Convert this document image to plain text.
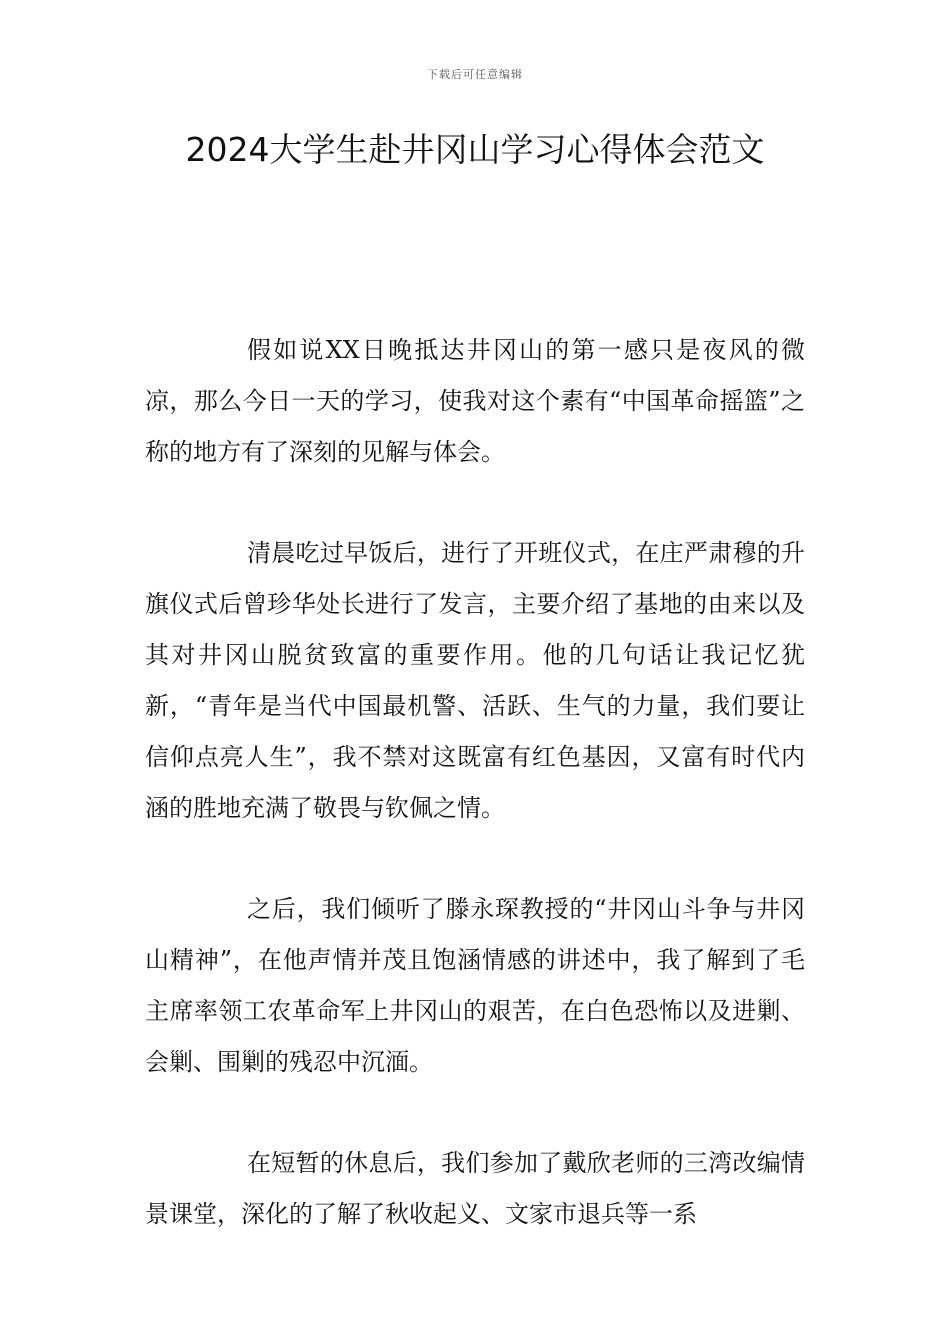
下载后可任意编辑
2024大学生赴井冈山学习心得体会范文

假如说XX日晚抵达井冈山的第一感只是夜风的微凉，那么今日一天的学习，使我对这个素有“中国革命摇篮”之称的地方有了深刻的见解与体会。

清晨吃过早饭后，进行了开班仪式，在庄严肃穆的升旗仪式后曾珍华处长进行了发言，主要介绍了基地的由来以及其对井冈山脱贫致富的重要作用。他的几句话让我记忆犹新，“青年是当代中国最机警、活跃、生气的力量，我们要让信仰点亮人生”，我不禁对这既富有红色基因，又富有时代内涵的胜地充满了敬畏与钦佩之情。

之后，我们倾听了滕永琛教授的“井冈山斗争与井冈山精神”，在他声情并茂且饱涵情感的讲述中，我了解到了毛主席率领工农革命军上井冈山的艰苦，在白色恐怖以及进剿、会剿、围剿的残忍中沉湎。

在短暂的休息后，我们参加了戴欣老师的三湾改编情景课堂，深化的了解了秋收起义、文家市退兵等一系
